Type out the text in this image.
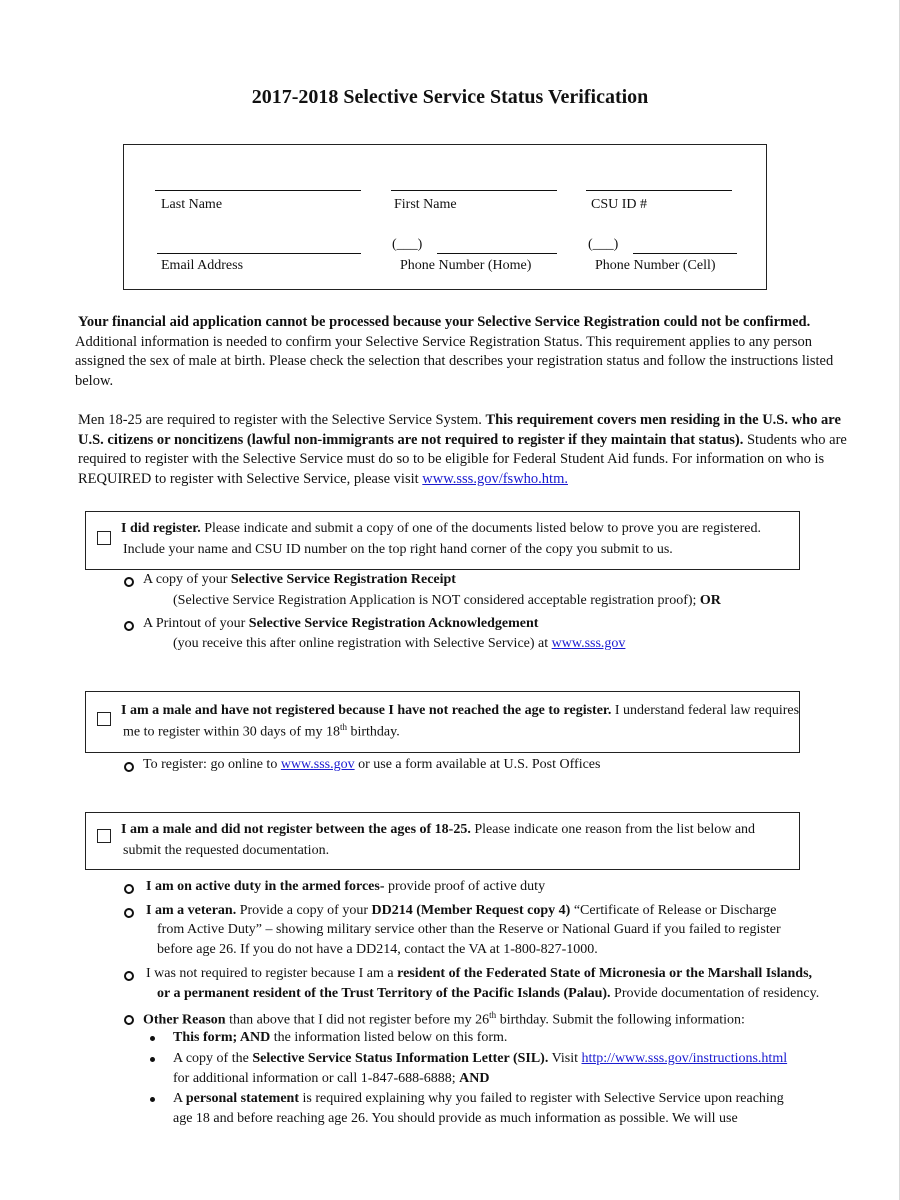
2017-2018 Selective Service Status Verification
Last Name	First Name	CSU ID #
(___)	(___)
Email Address	Phone Number (Home)	Phone Number (Cell)

Your financial aid application cannot be processed because your Selective Service Registration could not be confirmed.

Additional information is needed to confirm your Selective Service Registration Status. This requirement applies to any person

assigned the sex of male at birth. Please check the selection that describes your registration status and follow the instructions listed

below.

Men 18-25 are required to register with the Selective Service System. This requirement covers men residing in the U.S. who are

U.S. citizens or noncitizens (lawful non-immigrants are not required to register if they maintain that status). Students who are

required to register with the Selective Service must do so to be eligible for Federal Student Aid funds. For information on who is

REQUIRED to register with Selective Service, please visit www.sss.gov/fswho.htm.

I did register. Please indicate and submit a copy of one of the documents listed below to prove you are registered.
Include your name and CSU ID number on the top right hand corner of the copy you submit to us.
A copy of your Selective Service Registration Receipt
(Selective Service Registration Application is NOT considered acceptable registration proof); OR
A Printout of your Selective Service Registration Acknowledgement
(you receive this after online registration with Selective Service) at www.sss.gov
I am a male and have not registered because I have not reached the age to register. I understand federal law requires
me to register within 30 days of my 18th birthday.
To register: go online to www.sss.gov or use a form available at U.S. Post Offices
I am a male and did not register between the ages of 18-25. Please indicate one reason from the list below and
submit the requested documentation.
I am on active duty in the armed forces- provide proof of active duty
I am a veteran. Provide a copy of your DD214 (Member Request copy 4) “Certificate of Release or Discharge
from Active Duty” – showing military service other than the Reserve or National Guard if you failed to register
before age 26. If you do not have a DD214, contact the VA at 1-800-827-1000.
I was not required to register because I am a resident of the Federated State of Micronesia or the Marshall Islands,
or a permanent resident of the Trust Territory of the Pacific Islands (Palau). Provide documentation of residency.
Other Reason than above that I did not register before my 26th birthday. Submit the following information:
This form; AND the information listed below on this form.
A copy of the Selective Service Status Information Letter (SIL). Visit http://www.sss.gov/instructions.html
for additional information or call 1-847-688-6888; AND
A personal statement is required explaining why you failed to register with Selective Service upon reaching
age 18 and before reaching age 26. You should provide as much information as possible. We will use
